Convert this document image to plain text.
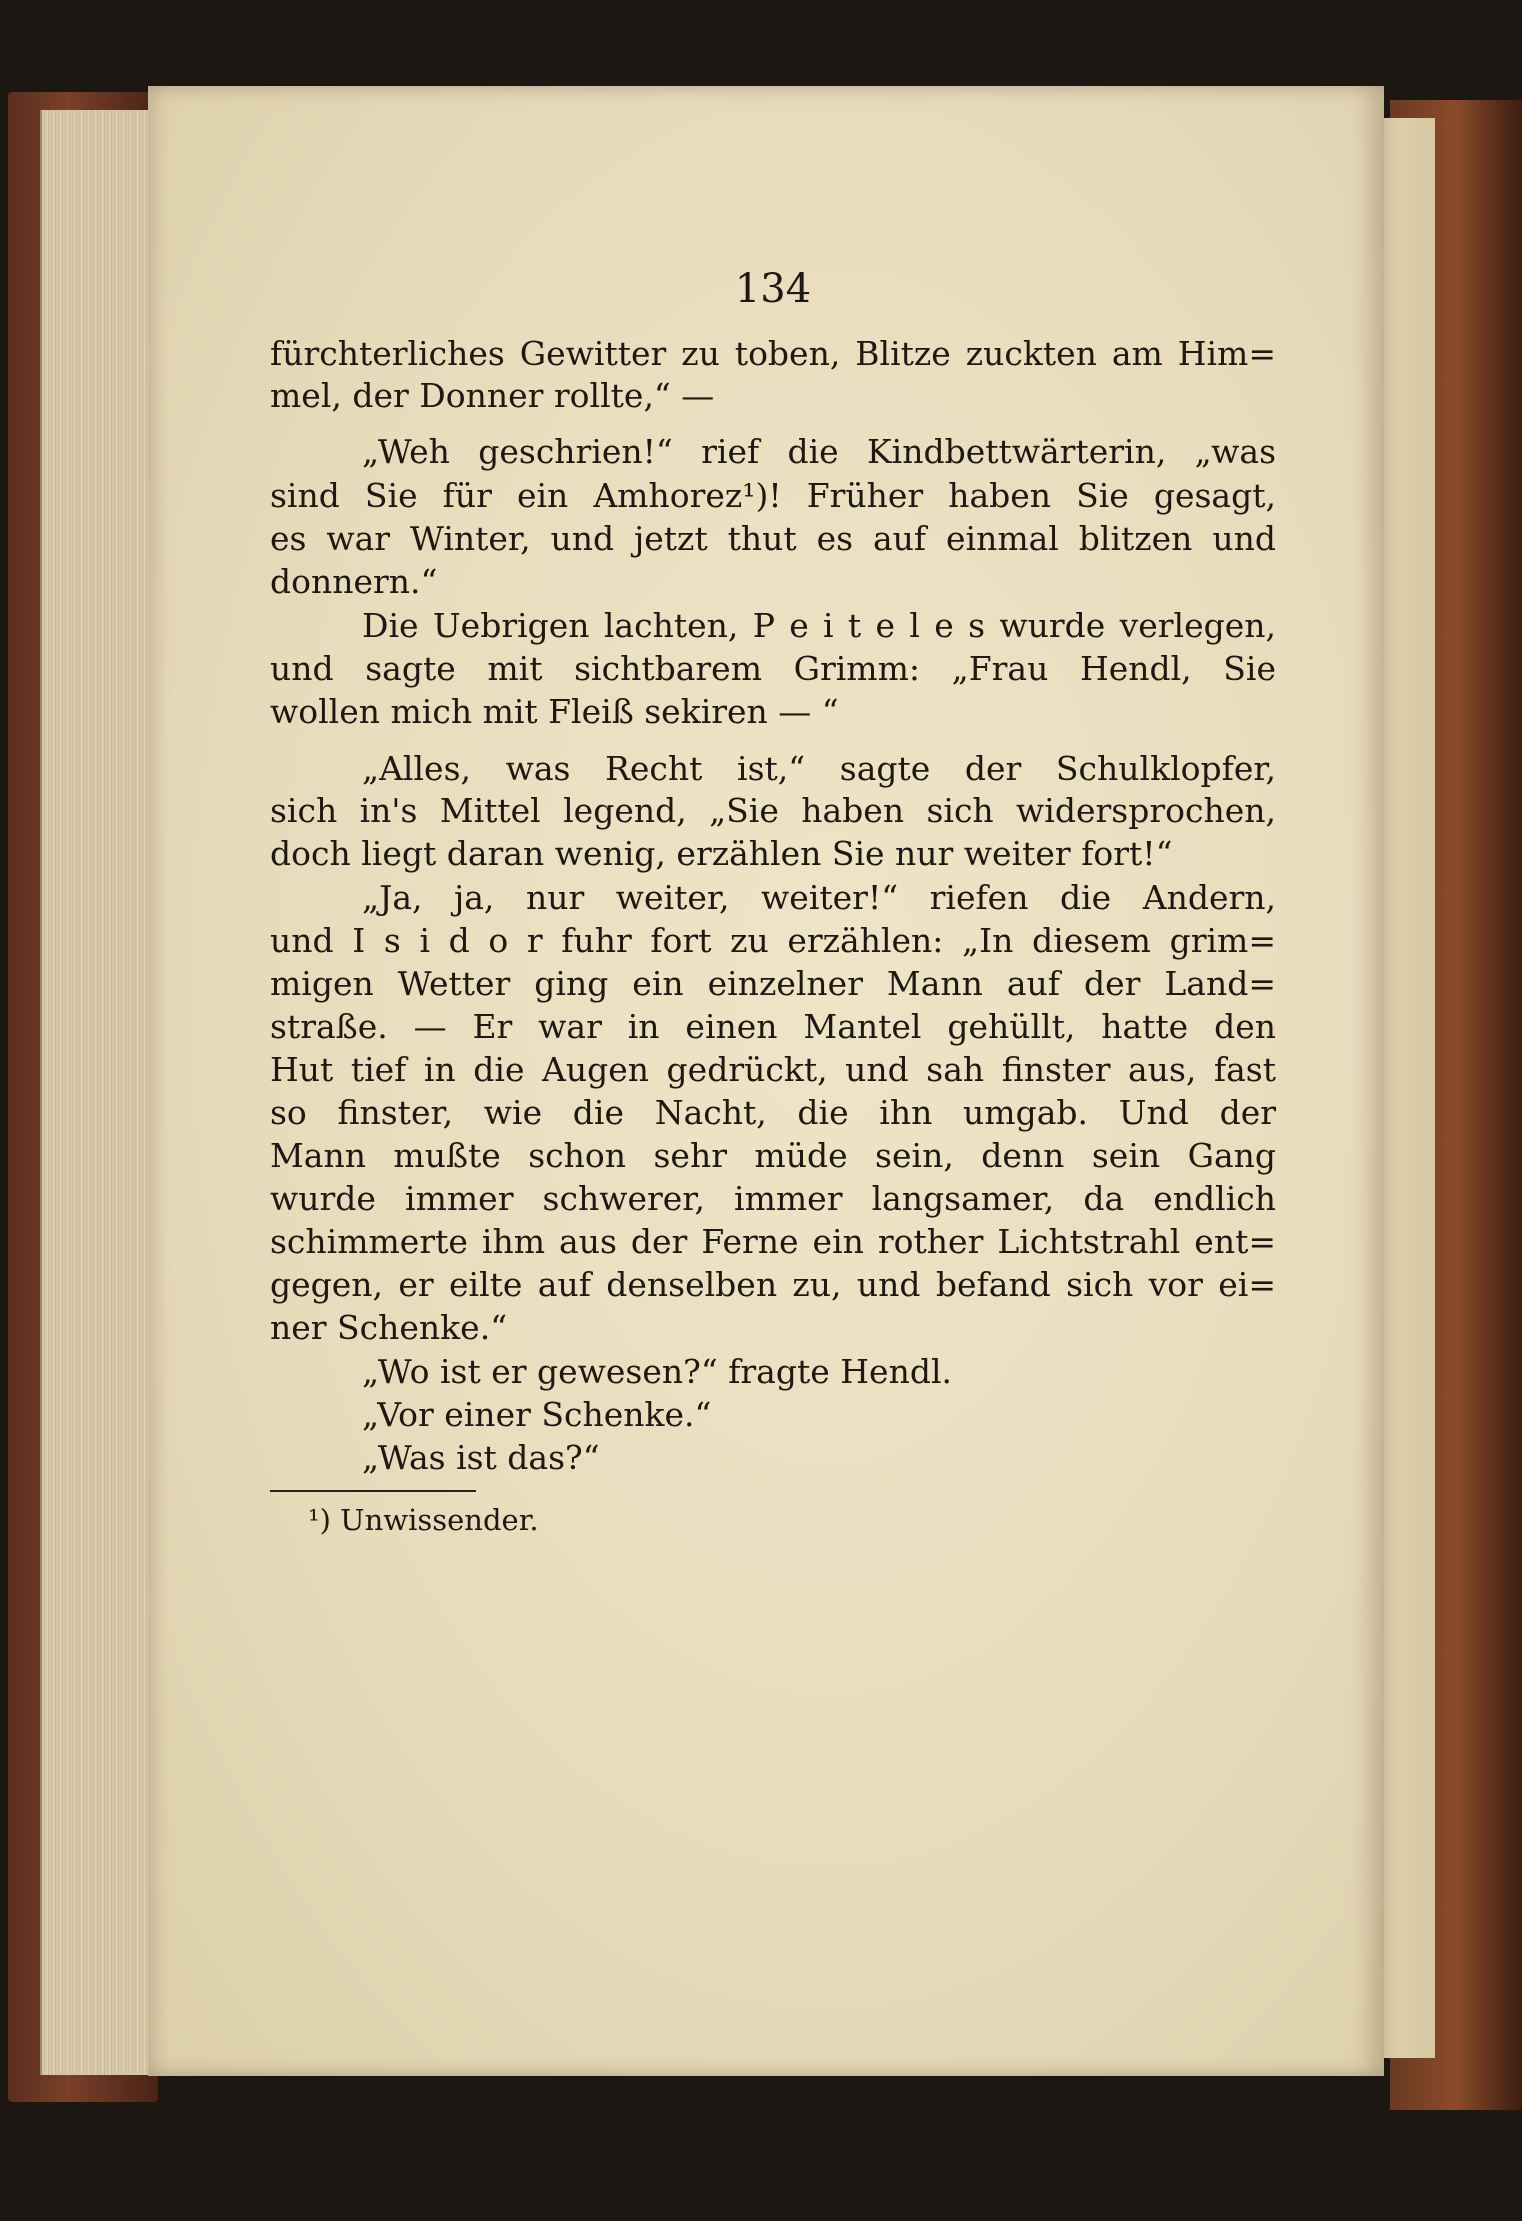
134

fürchterliches Gewitter zu toben, Blitze zuckten am Him=

mel, der Donner rollte,“ —

„Weh geschrien!“ rief die Kindbettwärterin, „was

sind Sie für ein Amhorez¹)! Früher haben Sie gesagt,

es war Winter, und jetzt thut es auf einmal blitzen und

donnern.“

Die Uebrigen lachten, P e i t e l e s wurde verlegen,

und sagte mit sichtbarem Grimm: „Frau Hendl, Sie

wollen mich mit Fleiß sekiren — “

„Alles, was Recht ist,“ sagte der Schulklopfer,

sich in's Mittel legend, „Sie haben sich widersprochen,

doch liegt daran wenig, erzählen Sie nur weiter fort!“

„Ja, ja, nur weiter, weiter!“ riefen die Andern,

und I s i d o r fuhr fort zu erzählen: „In diesem grim=

migen Wetter ging ein einzelner Mann auf der Land=

straße. — Er war in einen Mantel gehüllt, hatte den

Hut tief in die Augen gedrückt, und sah finster aus, fast

so finster, wie die Nacht, die ihn umgab. Und der

Mann mußte schon sehr müde sein, denn sein Gang

wurde immer schwerer, immer langsamer, da endlich

schimmerte ihm aus der Ferne ein rother Lichtstrahl ent=

gegen, er eilte auf denselben zu, und befand sich vor ei=

ner Schenke.“

„Wo ist er gewesen?“ fragte Hendl.

„Vor einer Schenke.“

„Was ist das?“

¹) Unwissender.
